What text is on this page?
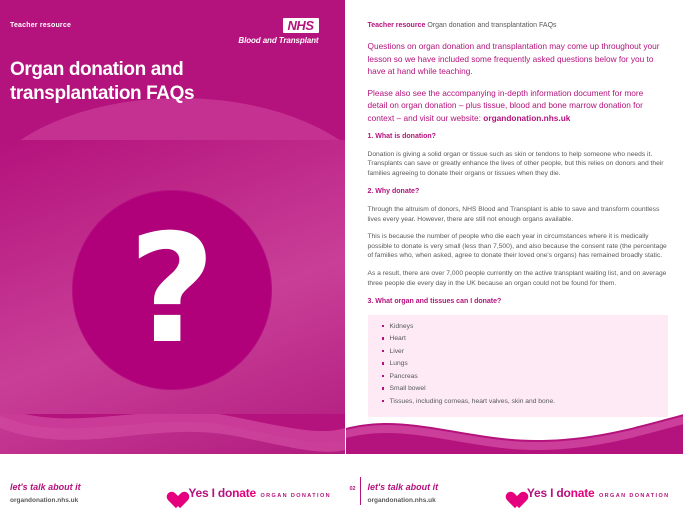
Teacher resource	NHS
Blood and Transplant
Organ donation and transplantation FAQs
?
let's talk about it
organdonation.nhs.uk
Yes I donate ORGAN DONATION
Teacher resource Organ donation and transplantation FAQs

Questions on organ donation and transplantation may come up throughout your lesson so we have included some frequently asked questions below for you to have at hand while teaching.

Please also see the accompanying in-depth information document for more detail on organ donation – plus tissue, blood and bone marrow donation for context – and visit our website: organdonation.nhs.uk

1. What is donation?

Donation is giving a solid organ or tissue such as skin or tendons to help someone who needs it. Transplants can save or greatly enhance the lives of other people, but this relies on donors and their families agreeing to donate their organs or tissues when they die.

2. Why donate?

Through the altruism of donors, NHS Blood and Transplant is able to save and transform countless lives every year. However, there are still not enough organs available.

This is because the number of people who die each year in circumstances where it is medically possible to donate is very small (less than 7,500), and also because the consent rate (the percentage of families who, when asked, agree to donate their loved one's organs) has remained broadly static.

As a result, there are over 7,000 people currently on the active transplant waiting list, and on average three people die every day in the UK because an organ could not be found for them.

3. What organ and tissues can I donate?

Kidneys
Heart
Liver
Lungs
Pancreas
Small bowel
Tissues, including corneas, heart valves, skin and bone.
02 let's talk about it
organdonation.nhs.uk
Yes I donate ORGAN DONATION
